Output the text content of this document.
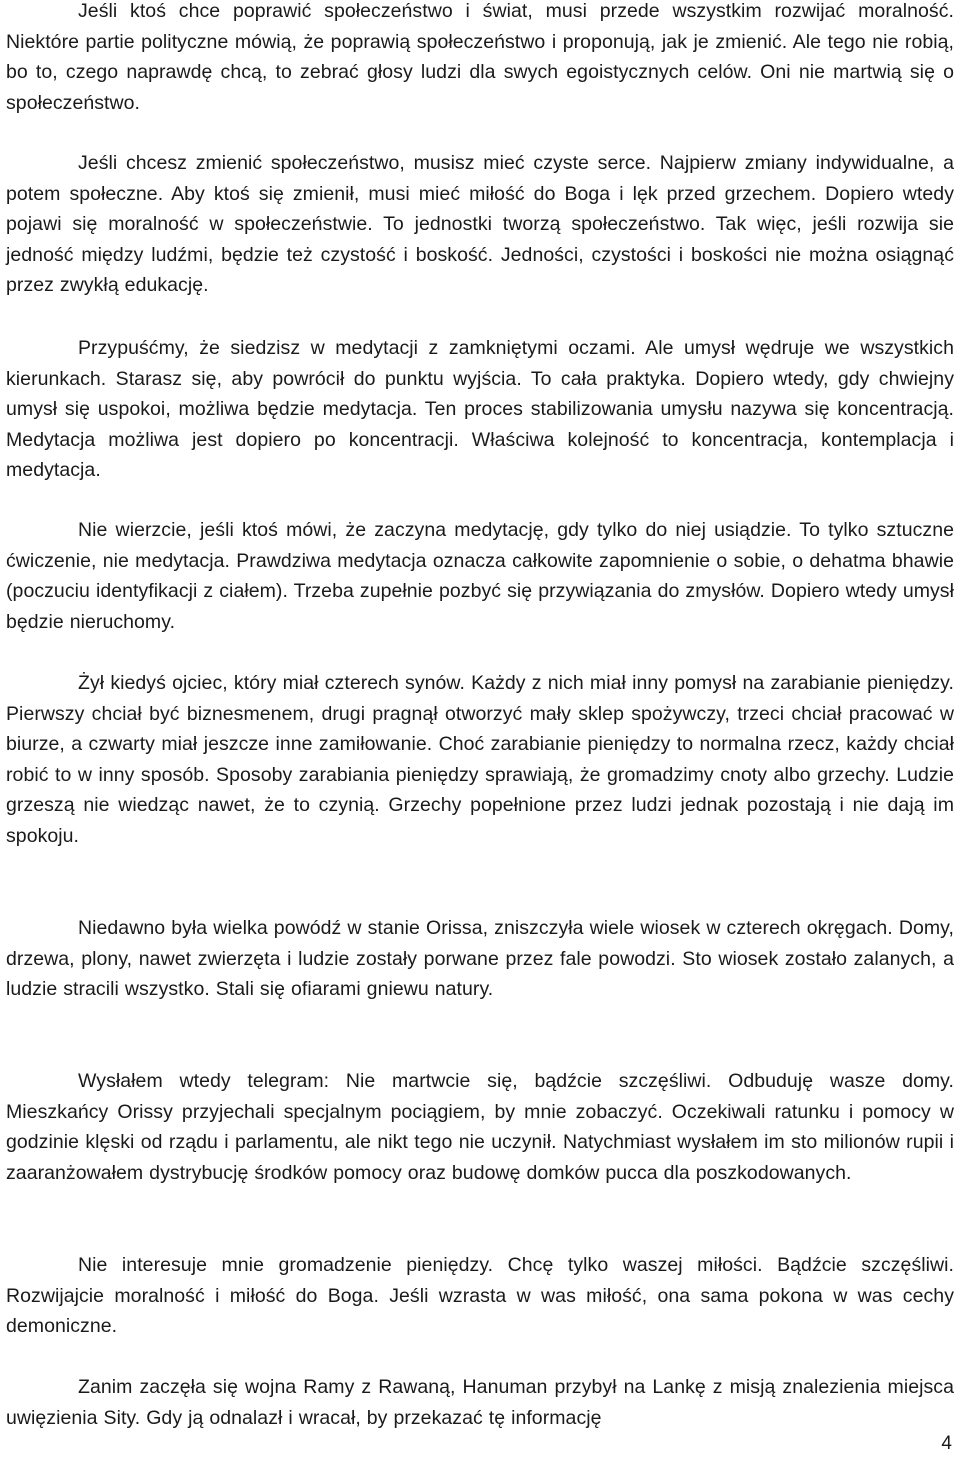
Jeśli ktoś chce poprawić społeczeństwo i świat, musi przede wszystkim rozwijać moralność. Niektóre partie polityczne mówią, że poprawią społeczeństwo i proponują, jak je zmienić. Ale tego nie robią, bo to, czego naprawdę chcą, to zebrać głosy ludzi dla swych egoistycznych celów. Oni nie martwią się o społeczeństwo.

Jeśli chcesz zmienić społeczeństwo, musisz mieć czyste serce. Najpierw zmiany indywidualne, a potem społeczne. Aby ktoś się zmienił, musi mieć miłość do Boga i lęk przed grzechem. Dopiero wtedy pojawi się moralność w społeczeństwie. To jednostki tworzą społeczeństwo. Tak więc, jeśli rozwija sie jedność między ludźmi, będzie też czystość i boskość. Jedności, czystości i boskości nie można osiągnąć przez zwykłą edukację.

Przypuśćmy, że siedzisz w medytacji z zamkniętymi oczami. Ale umysł wędruje we wszystkich kierunkach. Starasz się, aby powrócił do punktu wyjścia. To cała praktyka. Dopiero wtedy, gdy chwiejny umysł się uspokoi, możliwa będzie medytacja. Ten proces stabilizowania umysłu nazywa się koncentracją. Medytacja możliwa jest dopiero po koncentracji. Właściwa kolejność to koncentracja, kontemplacja i medytacja.

Nie wierzcie, jeśli ktoś mówi, że zaczyna medytację, gdy tylko do niej usiądzie. To tylko sztuczne ćwiczenie, nie medytacja. Prawdziwa medytacja oznacza całkowite zapomnienie o sobie, o dehatma bhawie (poczuciu identyfikacji z ciałem). Trzeba zupełnie pozbyć się przywiązania do zmysłów. Dopiero wtedy umysł będzie nieruchomy.

Żył kiedyś ojciec, który miał czterech synów. Każdy z nich miał inny pomysł na zarabianie pieniędzy. Pierwszy chciał być biznesmenem, drugi pragnął otworzyć mały sklep spożywczy, trzeci chciał pracować w biurze, a czwarty miał jeszcze inne zamiłowanie. Choć zarabianie pieniędzy to normalna rzecz, każdy chciał robić to w inny sposób. Sposoby zarabiania pieniędzy sprawiają, że gromadzimy cnoty albo grzechy. Ludzie grzeszą nie wiedząc nawet, że to czynią. Grzechy popełnione przez ludzi jednak pozostają i nie dają im spokoju.

Niedawno była wielka powódź w stanie Orissa, zniszczyła wiele wiosek w czterech okręgach. Domy, drzewa, plony, nawet zwierzęta i ludzie zostały porwane przez fale powodzi. Sto wiosek zostało zalanych, a ludzie stracili wszystko. Stali się ofiarami gniewu natury.

Wysłałem wtedy telegram: Nie martwcie się, bądźcie szczęśliwi. Odbuduję wasze domy. Mieszkańcy Orissy przyjechali specjalnym pociągiem, by mnie zobaczyć. Oczekiwali ratunku i pomocy w godzinie klęski od rządu i parlamentu, ale nikt tego nie uczynił. Natychmiast wysłałem im sto milionów rupii i zaaranżowałem dystrybucję środków pomocy oraz budowę domków pucca dla poszkodowanych.

Nie interesuje mnie gromadzenie pieniędzy. Chcę tylko waszej miłości. Bądźcie szczęśliwi. Rozwijajcie moralność i miłość do Boga. Jeśli wzrasta w was miłość, ona sama pokona w was cechy demoniczne.

Zanim zaczęła się wojna Ramy z Rawaną, Hanuman przybył na Lankę z misją znalezienia miejsca uwięzienia Sity. Gdy ją odnalazł i wracał, by przekazać tę informację

4
